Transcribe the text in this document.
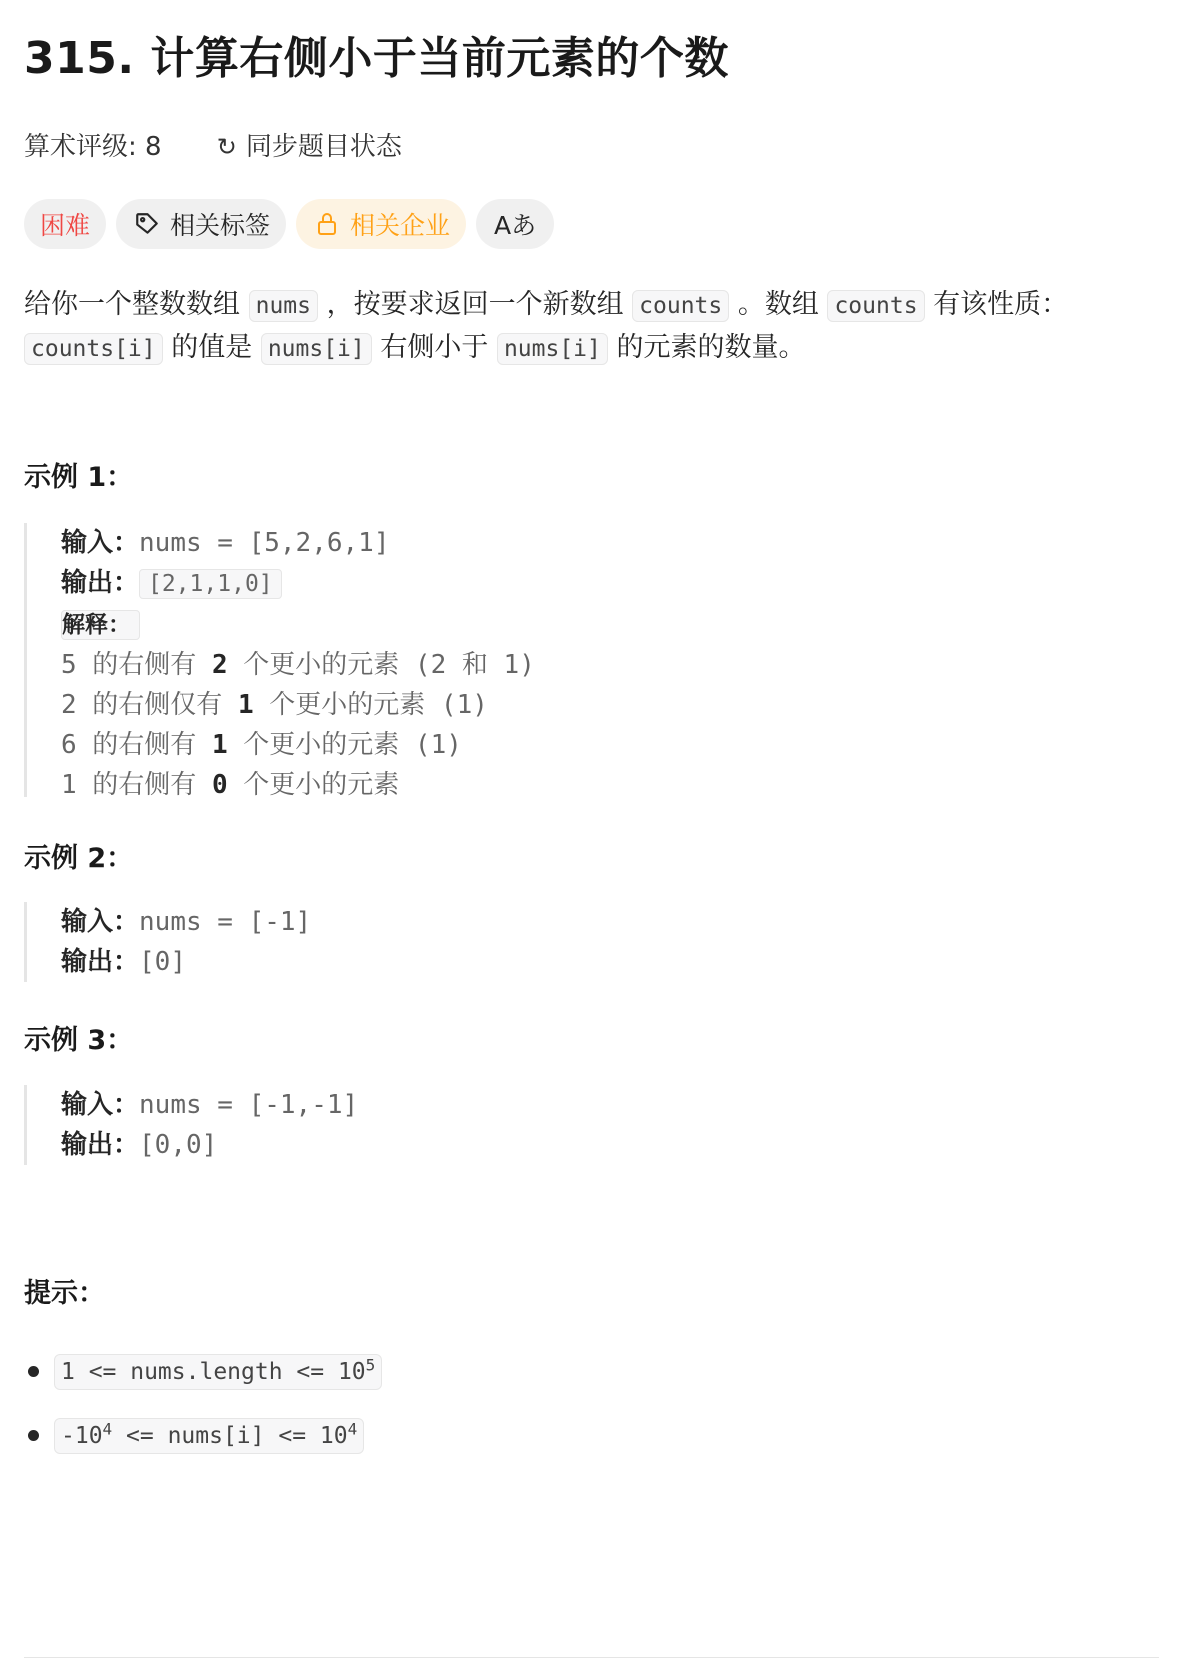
315. 计算右侧小于当前元素的个数
算术评级: 8 ↻ 同步题目状态
困难	相关标签	相关企业 Aあ
给你一个整数数组 nums ，按要求返回一个新数组 counts 。数组 counts 有该性质：
counts[i] 的值是 nums[i] 右侧小于 nums[i] 的元素的数量。
示例 1：
输入：nums = [5,2,6,1]
输出： [2,1,1,0]
解释：
5 的右侧有 2 个更小的元素 (2 和 1)
2 的右侧仅有 1 个更小的元素 (1)
6 的右侧有 1 个更小的元素 (1)
1 的右侧有 0 个更小的元素
示例 2：
输入：nums = [-1]
输出：[0]
示例 3：
输入：nums = [-1,-1]
输出：[0,0]
提示：
1 <= nums.length <= $10^5$
$-10^4$ <= nums[i] <= $10^4$
